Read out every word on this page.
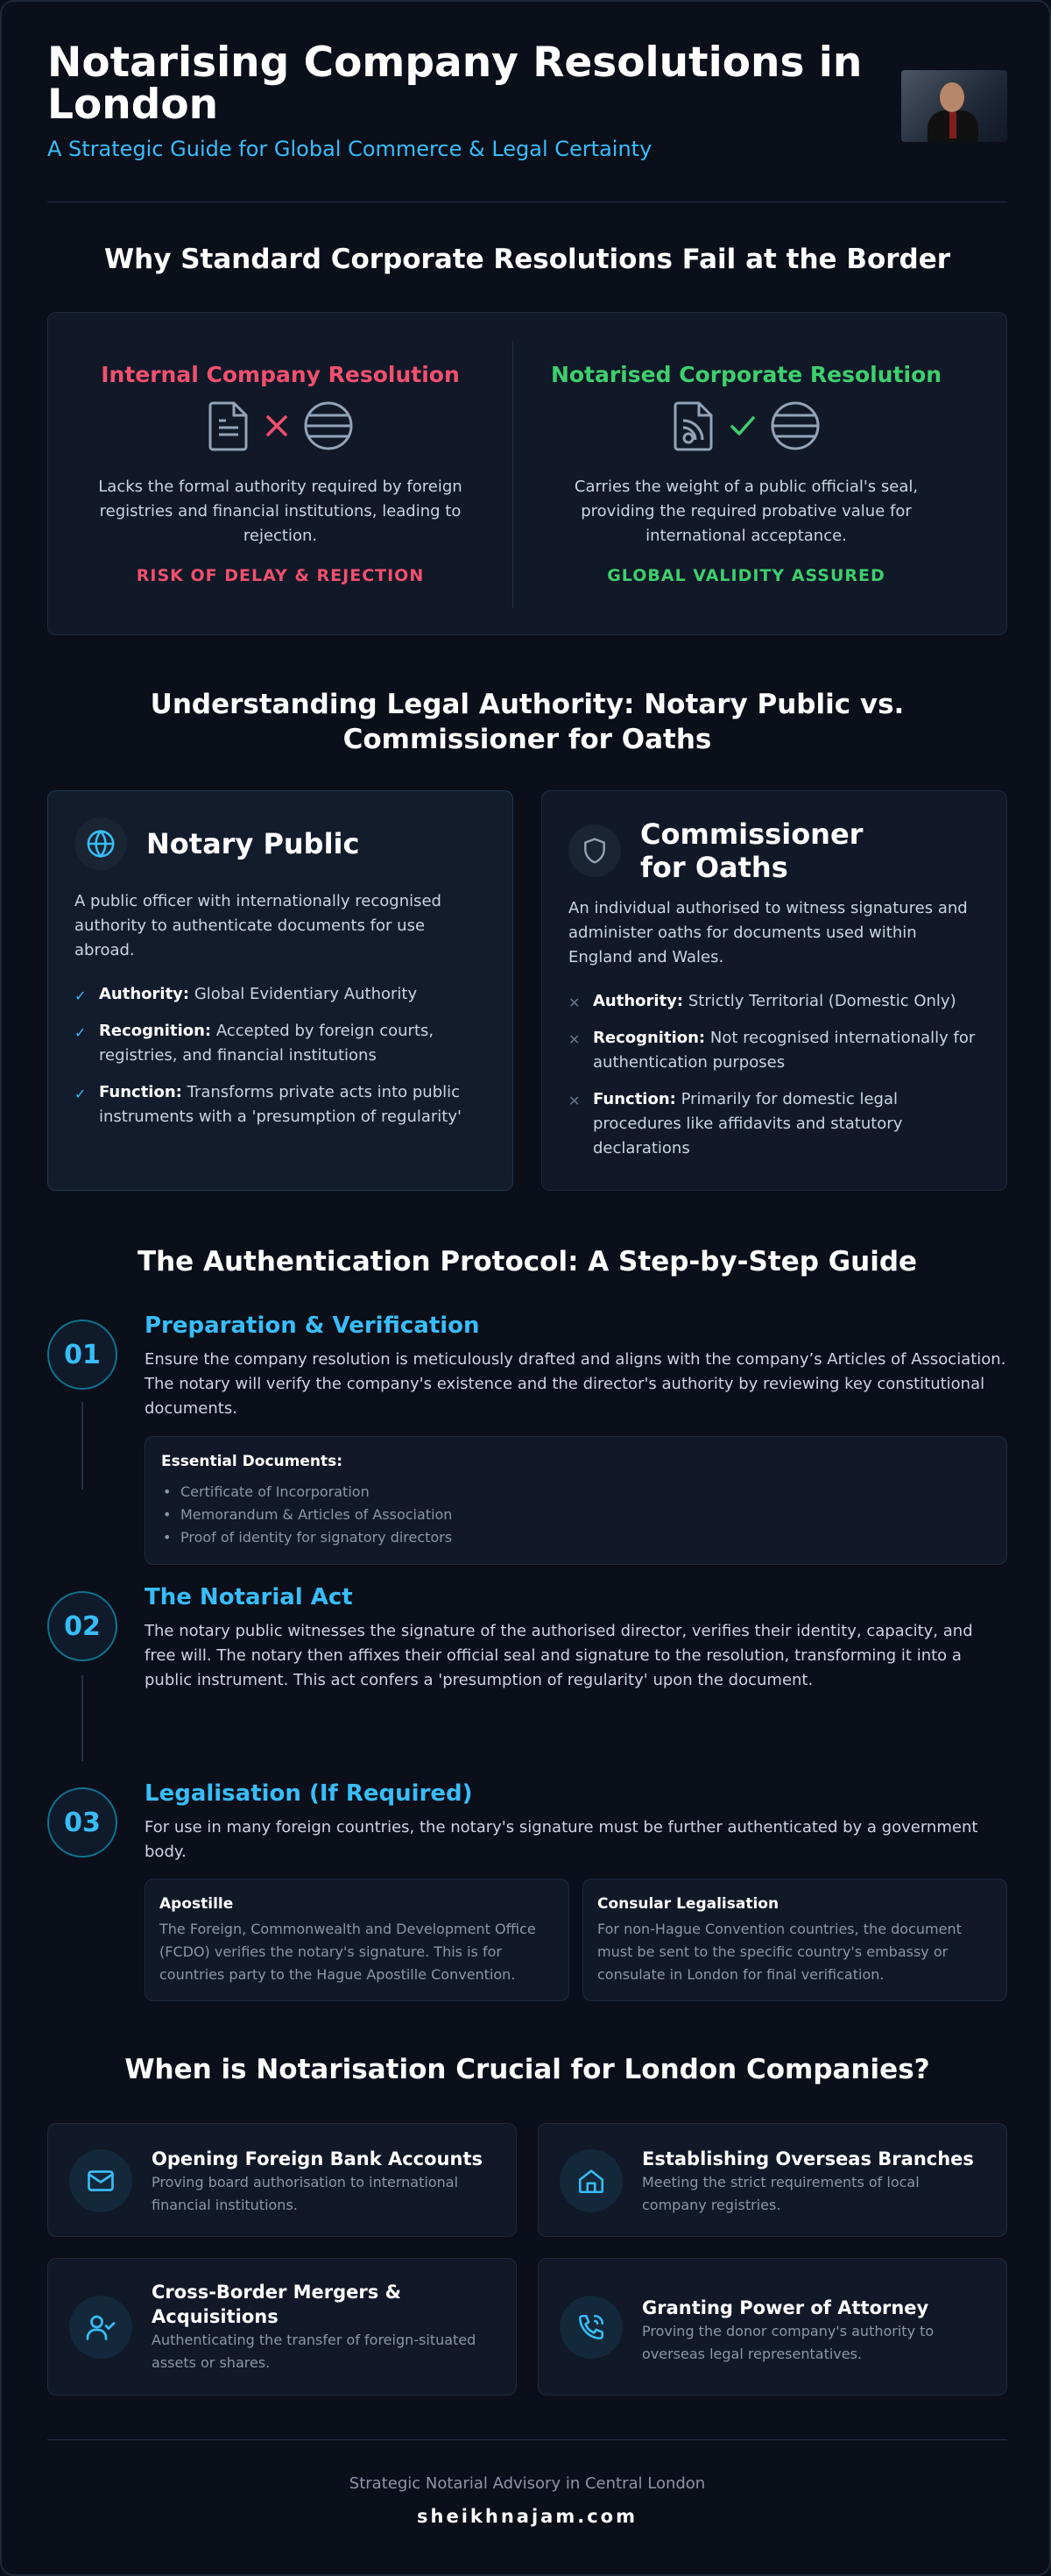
Notarising Company Resolutions in London
A Strategic Guide for Global Commerce & Legal Certainty
Why Standard Corporate Resolutions Fail at the Border
Internal Company Resolution
Lacks the formal authority required by foreign registries and financial institutions, leading to rejection.
RISK OF DELAY & REJECTION
Notarised Corporate Resolution
Carries the weight of a public official's seal, providing the required probative value for international acceptance.
GLOBAL VALIDITY ASSURED
Understanding Legal Authority: Notary Public vs. Commissioner for Oaths
Notary Public
A public officer with internationally recognised authority to authenticate documents for use abroad.
✓ Authority: Global Evidentiary Authority
✓ Recognition: Accepted by foreign courts, registries, and financial institutions
✓ Function: Transforms private acts into public instruments with a 'presumption of regularity'
Commissioner for Oaths
An individual authorised to witness signatures and administer oaths for documents used within England and Wales.
✕ Authority: Strictly Territorial (Domestic Only)
✕ Recognition: Not recognised internationally for authentication purposes
✕ Function: Primarily for domestic legal procedures like affidavits and statutory declarations
The Authentication Protocol: A Step-by-Step Guide
01
Preparation & Verification
Ensure the company resolution is meticulously drafted and aligns with the company’s Articles of Association. The notary will verify the company's existence and the director's authority by reviewing key constitutional documents.
Essential Documents:
• Certificate of Incorporation
• Memorandum & Articles of Association
• Proof of identity for signatory directors
02
The Notarial Act
The notary public witnesses the signature of the authorised director, verifies their identity, capacity, and free will. The notary then affixes their official seal and signature to the resolution, transforming it into a public instrument. This act confers a 'presumption of regularity' upon the document.
03
Legalisation (If Required)
For use in many foreign countries, the notary's signature must be further authenticated by a government body.
Apostille
The Foreign, Commonwealth and Development Office (FCDO) verifies the notary's signature. This is for countries party to the Hague Apostille Convention.
Consular Legalisation
For non-Hague Convention countries, the document must be sent to the specific country's embassy or consulate in London for final verification.
When is Notarisation Crucial for London Companies?
Opening Foreign Bank Accounts
Proving board authorisation to international financial institutions.
Establishing Overseas Branches
Meeting the strict requirements of local company registries.
Cross-Border Mergers & Acquisitions
Authenticating the transfer of foreign-situated assets or shares.
Granting Power of Attorney
Proving the donor company's authority to overseas legal representatives.
Strategic Notarial Advisory in Central London
sheikhnajam.com
